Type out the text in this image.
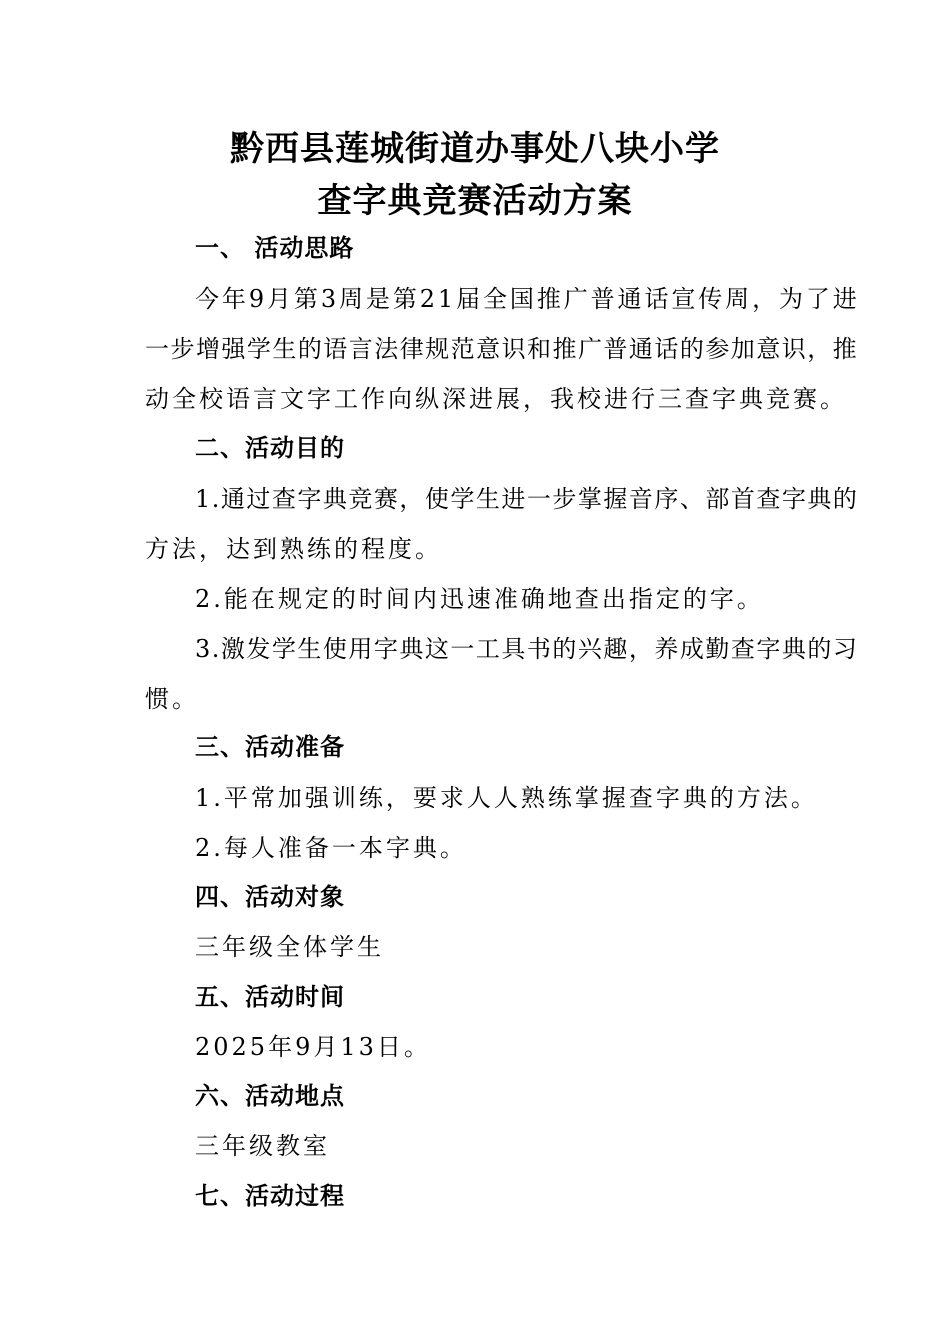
黔西县莲城街道办事处八块小学
查字典竞赛活动方案
一、 活动思路
今 年 9 月 第 3 周 是 第 2 1 届 全 国 推 广 普 通 话 宣 传 周 ， 为 了 进
一 步 增 强 学 生 的 语 言 法 律 规 范 意 识 和 推 广 普 通 话 的 参 加 意 识 ， 推
动全校语言文字工作向纵深进展，我校进行三查字典竞赛。
二、活动目的
1 . 通 过 查 字 典 竞 赛 ， 使 学 生 进 一 步 掌 握 音 序 、 部 首 查 字 典 的
方法，达到熟练的程度。
2.能在规定的时间内迅速准确地查出指定的字。
3 . 激 发 学 生 使 用 字 典 这 一 工 具 书 的 兴 趣 ， 养 成 勤 查 字 典 的 习
惯。
三、活动准备
1.平常加强训练，要求人人熟练掌握查字典的方法。
2.每人准备一本字典。
四、活动对象
三年级全体学生
五、活动时间
2025年9月13日。
六、活动地点
三年级教室
七、活动过程
